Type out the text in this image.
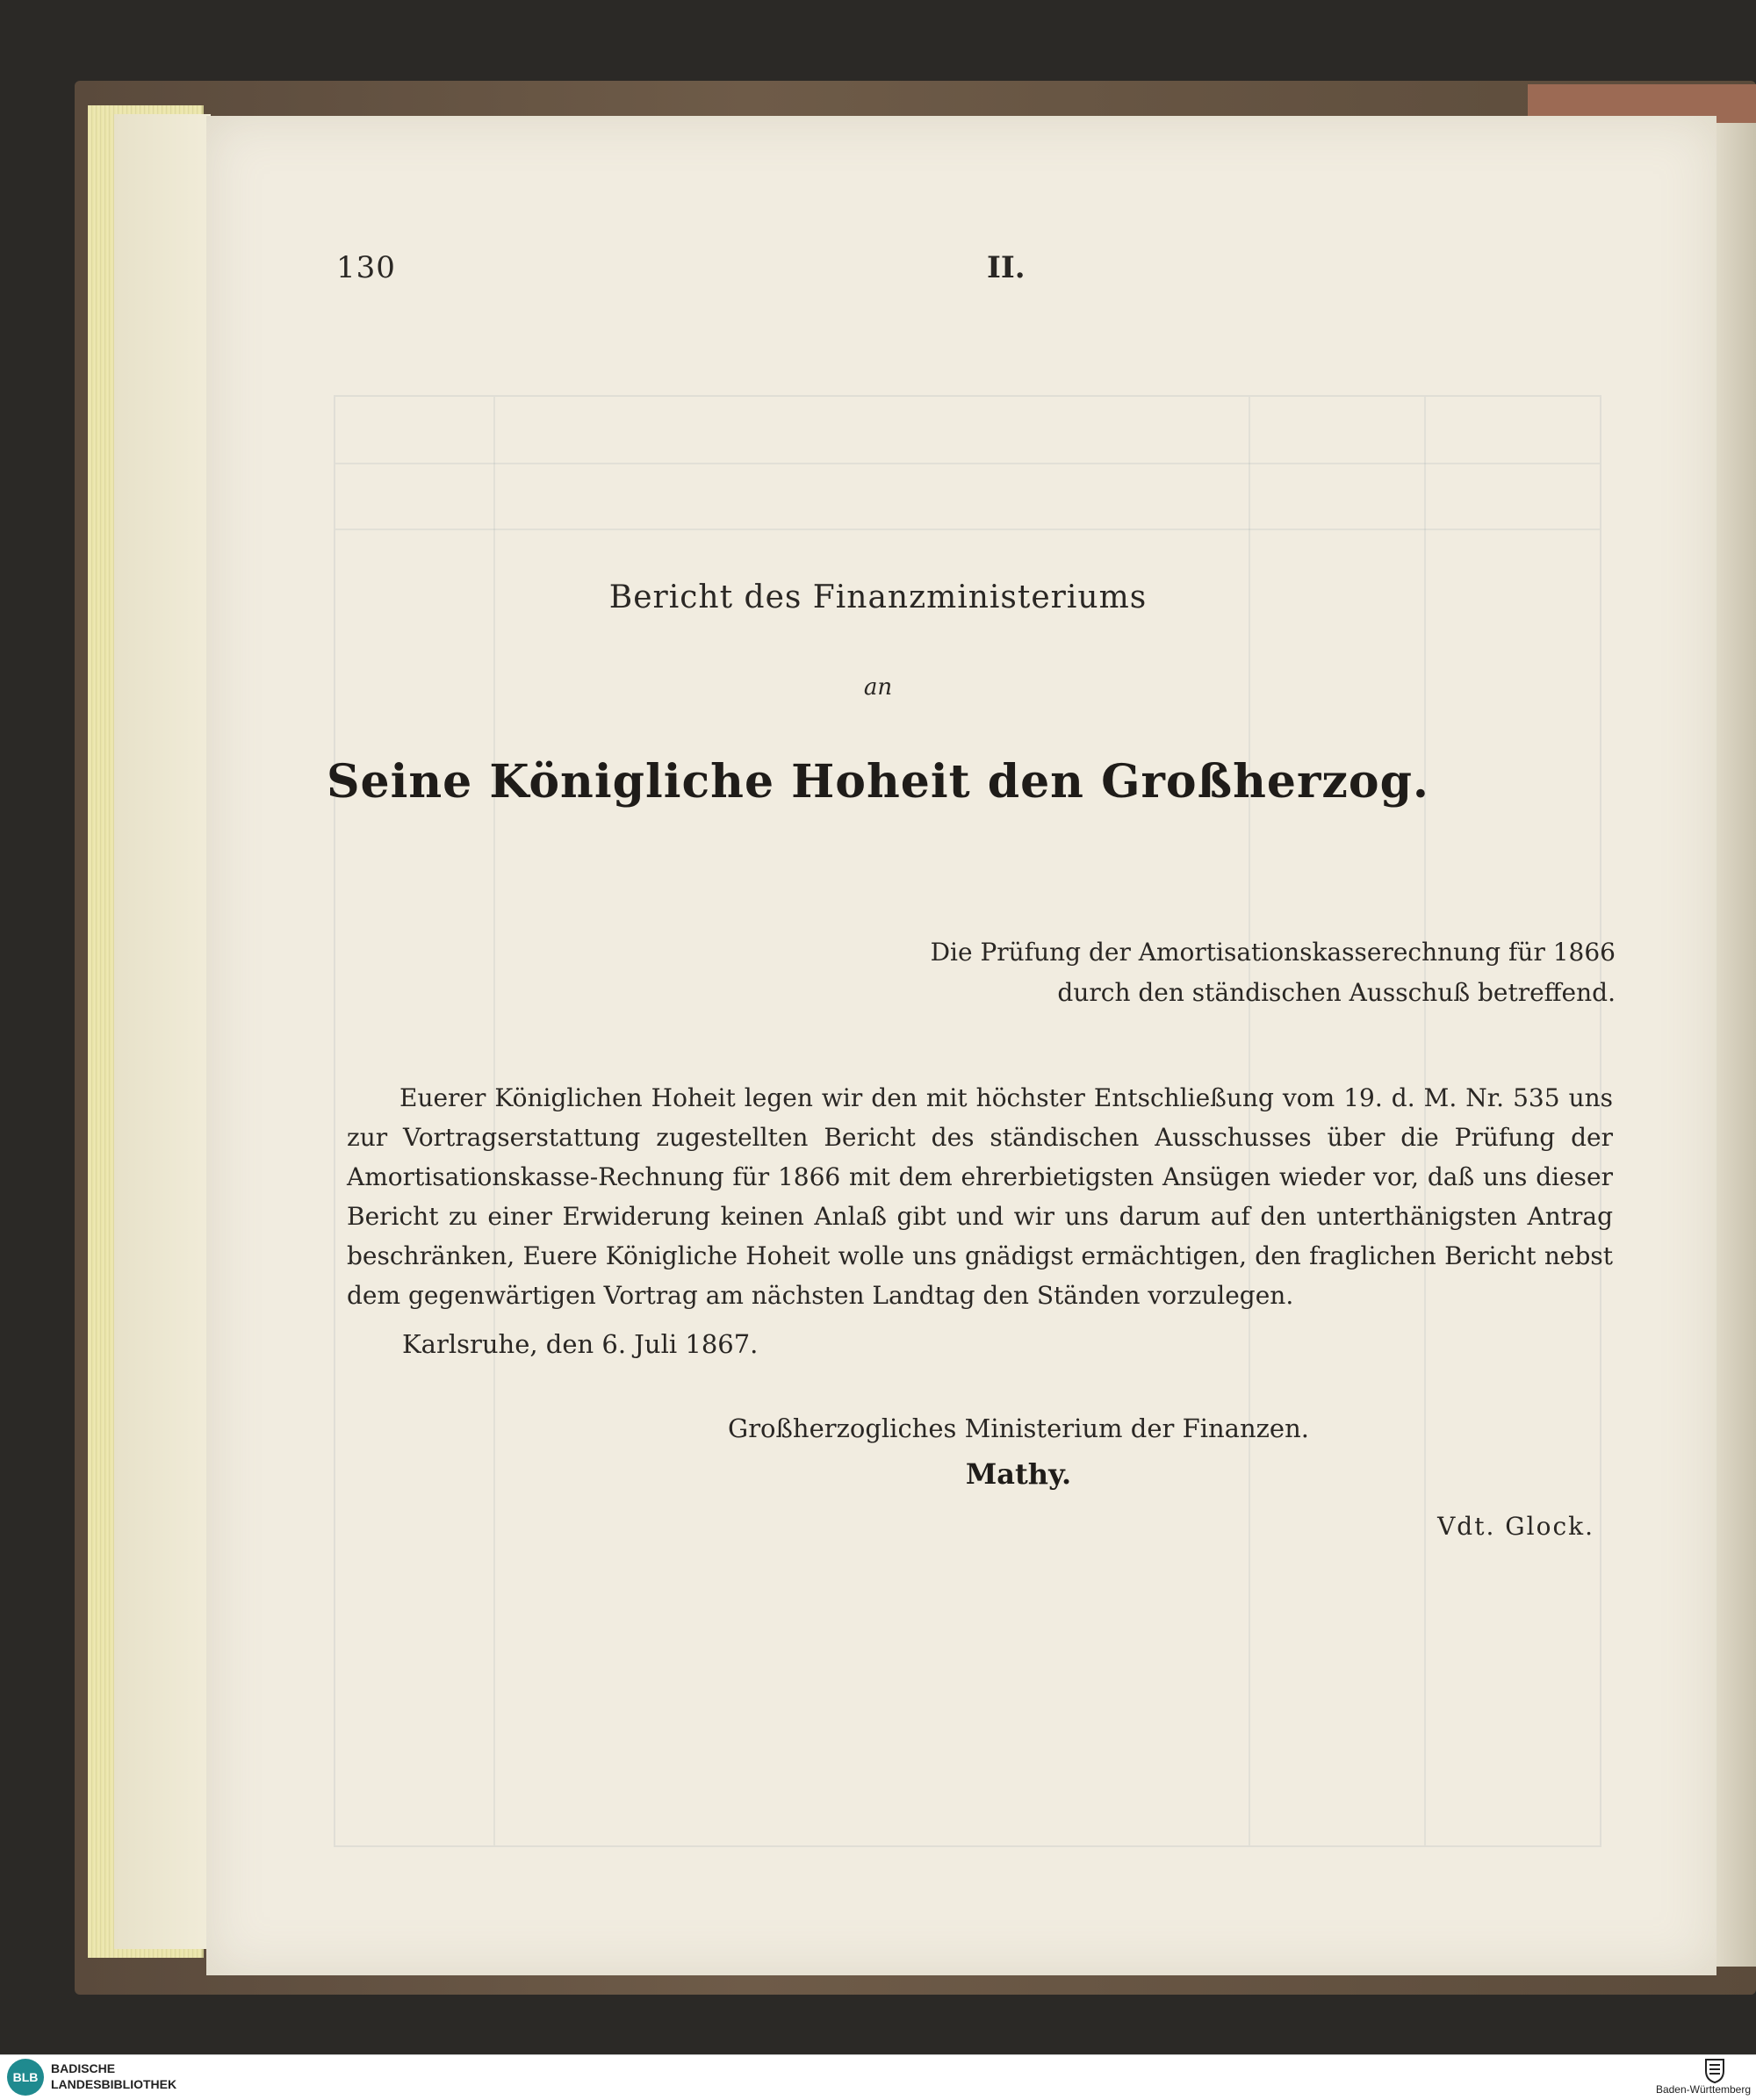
130	II.
Bericht des Finanzministeriums
an
Seine Königliche Hoheit den Großherzog.
Die Prüfung der Amortisationskasserechnung für 1866
durch den ständischen Ausschuß betreffend.
Euerer Königlichen Hoheit legen wir den mit höchster Entschließung vom 19. d. M. Nr. 535 uns zur Vortragserstattung zugestellten Bericht des ständischen Ausschusses über die Prüfung der Amortisationskasse-Rechnung für 1866 mit dem ehrerbietigsten Ansügen wieder vor, daß uns dieser Bericht zu einer Erwiderung keinen Anlaß gibt und wir uns darum auf den unterthänigsten Antrag beschränken, Euere Königliche Hoheit wolle uns gnädigst ermächtigen, den fraglichen Bericht nebst dem gegenwärtigen Vortrag am nächsten Landtag den Ständen vorzulegen.
Karlsruhe, den 6. Juli 1867.
Großherzogliches Ministerium der Finanzen.
Mathy.
Vdt. Glock.
BLB
BADISCHE
LANDESBIBLIOTHEK	Baden-Württemberg
